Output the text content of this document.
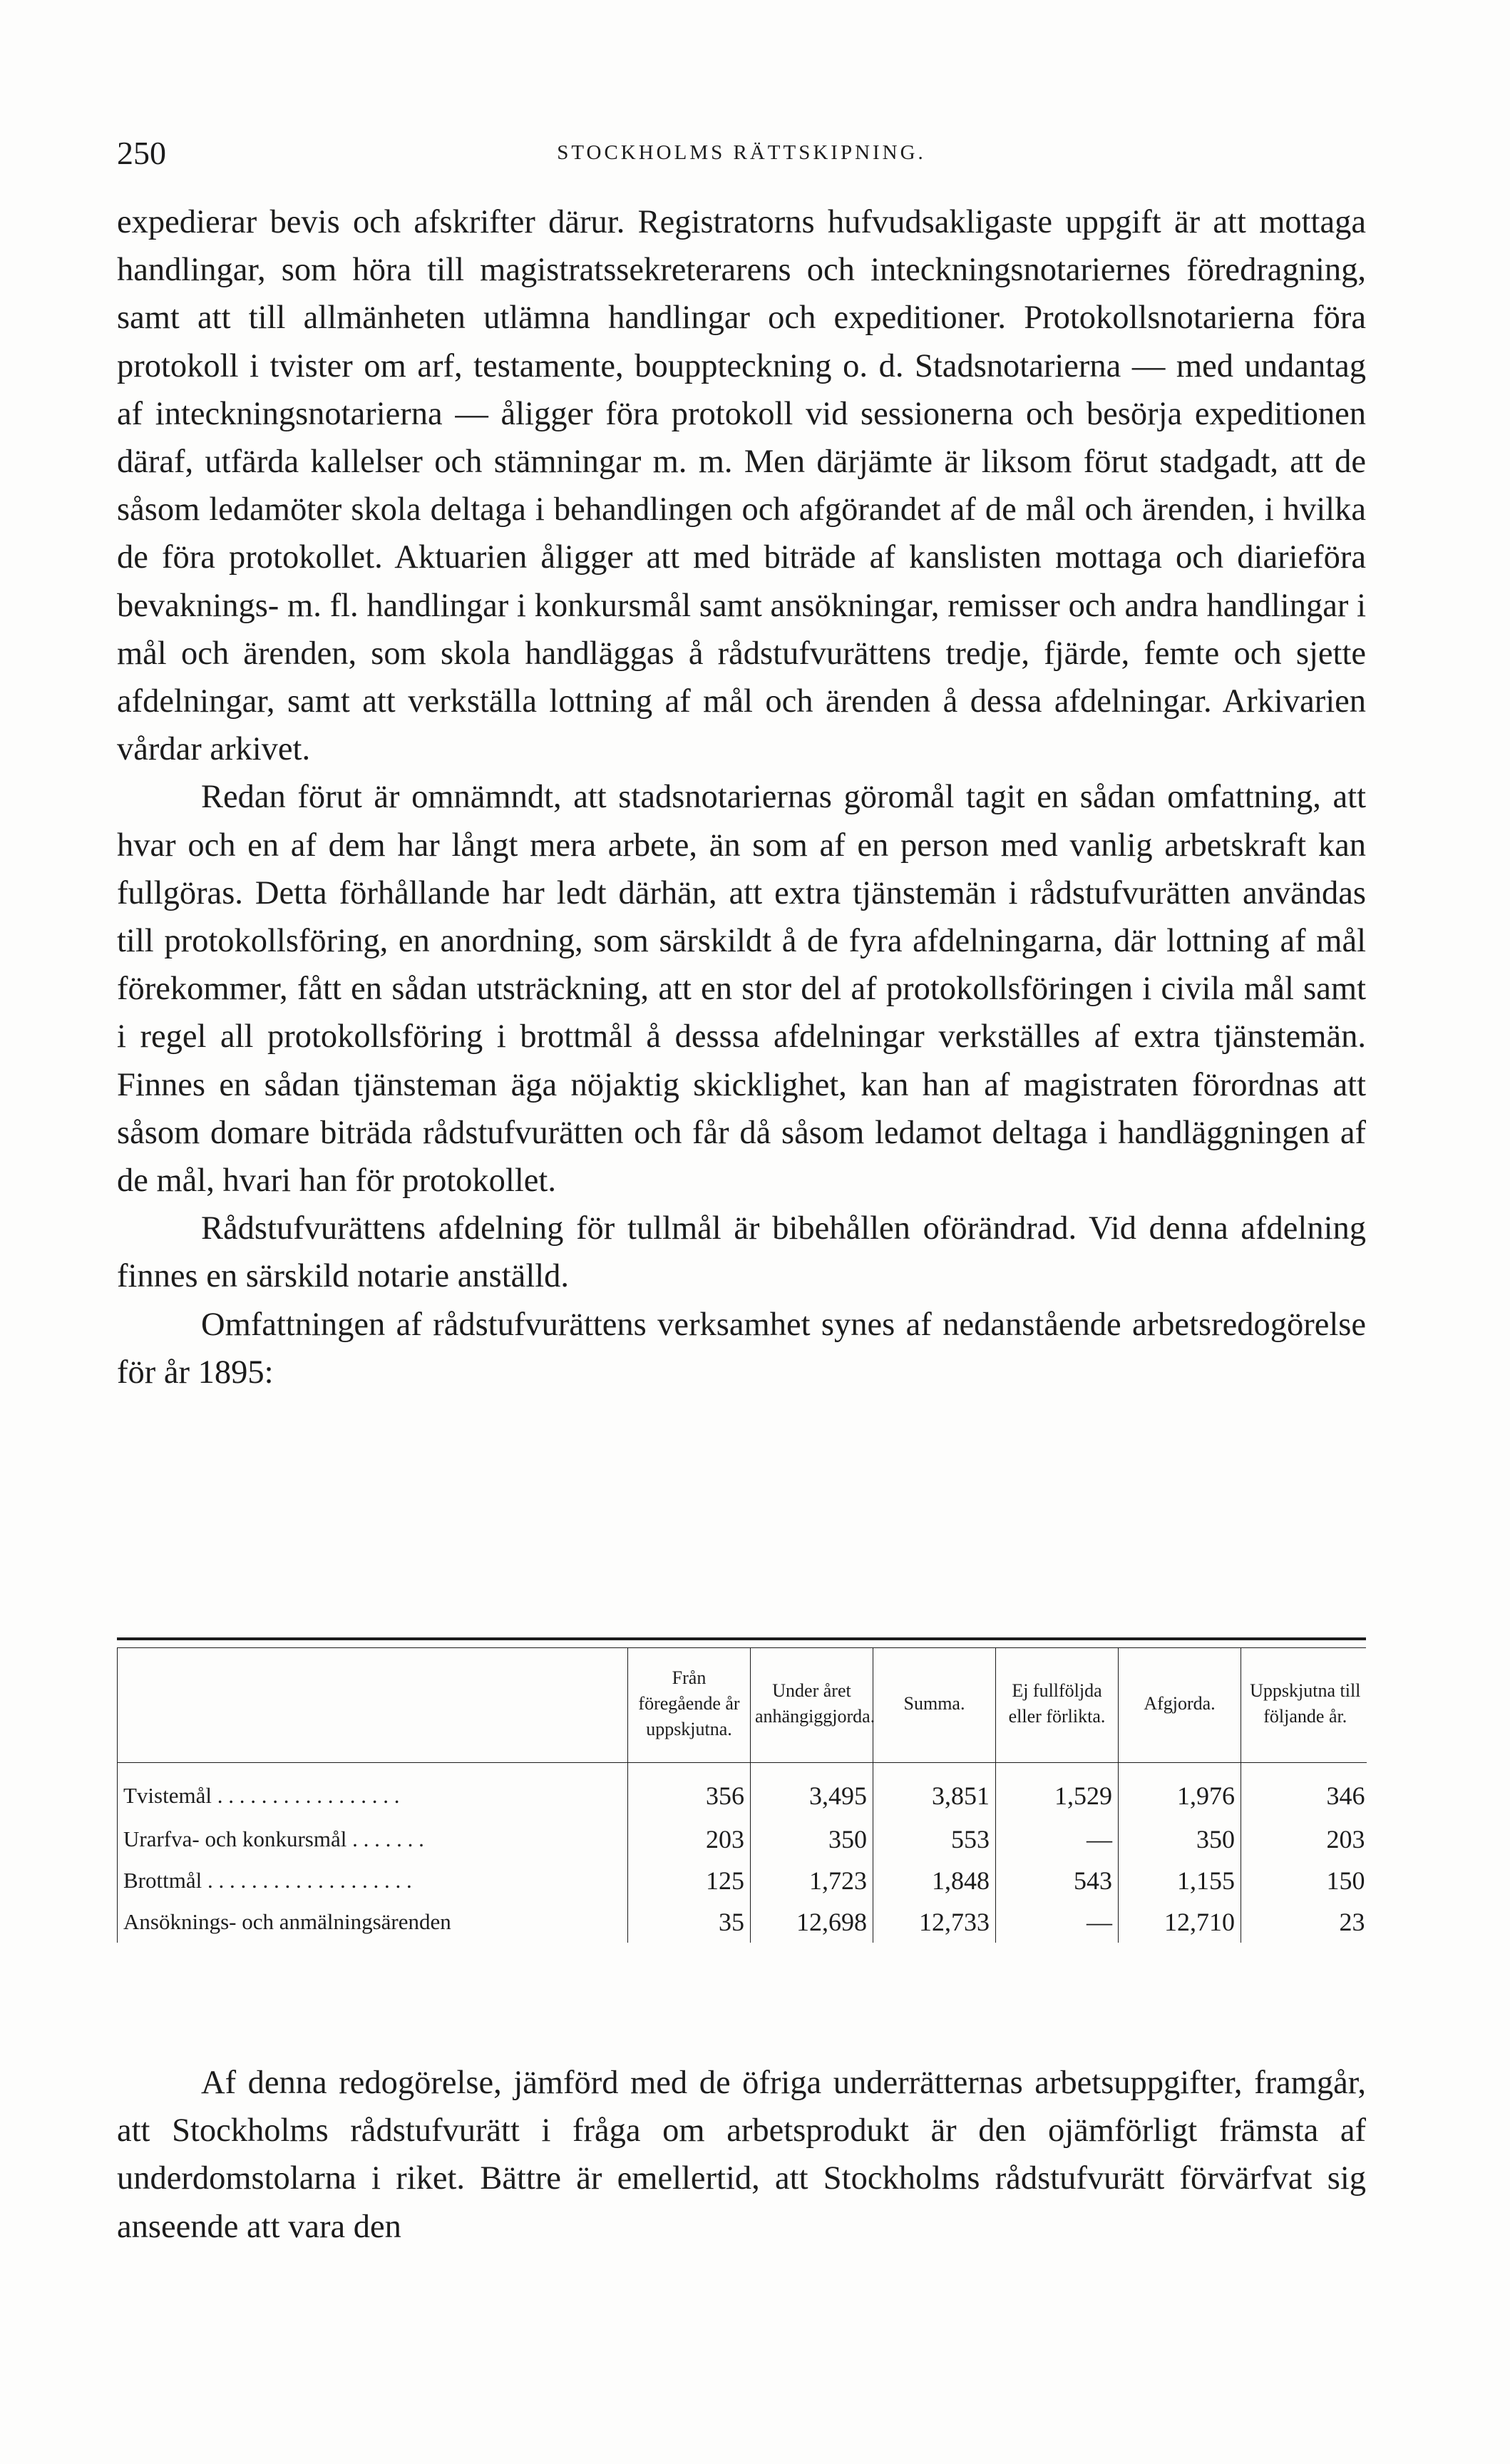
250	STOCKHOLMS RÄTTSKIPNING.

expedierar bevis och afskrifter därur. Registratorns hufvudsakligaste uppgift är att mottaga handlingar, som höra till magistratssekreterarens och inteckningsnotariernes föredragning, samt att till allmänheten utlämna handlingar och expeditioner. Protokollsnotarierna föra protokoll i tvister om arf, testamente, bouppteckning o. d. Stadsnotarierna — med undantag af inteckningsnotarierna — åligger föra protokoll vid sessionerna och besörja expeditionen däraf, utfärda kallelser och stämningar m. m. Men därjämte är liksom förut stadgadt, att de såsom ledamöter skola deltaga i behandlingen och afgörandet af de mål och ärenden, i hvilka de föra protokollet. Aktuarien åligger att med biträde af kanslisten mottaga och diarieföra bevaknings- m. fl. handlingar i konkursmål samt ansökningar, remisser och andra handlingar i mål och ärenden, som skola handläggas å rådstufvurättens tredje, fjärde, femte och sjette afdelningar, samt att verkställa lottning af mål och ärenden å dessa afdelningar. Arkivarien vårdar arkivet.

Redan förut är omnämndt, att stadsnotariernas göromål tagit en sådan omfattning, att hvar och en af dem har långt mera arbete, än som af en person med vanlig arbetskraft kan fullgöras. Detta förhållande har ledt därhän, att extra tjänstemän i rådstufvurätten användas till protokollsföring, en anordning, som särskildt å de fyra afdelningarna, där lottning af mål förekommer, fått en sådan utsträckning, att en stor del af protokollsföringen i civila mål samt i regel all protokollsföring i brottmål å desssa afdelningar verkställes af extra tjänstemän. Finnes en sådan tjänsteman äga nöjaktig skicklighet, kan han af magistraten förordnas att såsom domare biträda rådstufvurätten och får då såsom ledamot deltaga i handläggningen af de mål, hvari han för protokollet.

Rådstufvurättens afdelning för tullmål är bibehållen oförändrad. Vid denna afdelning finnes en särskild notarie anställd.

Omfattningen af rådstufvurättens verksamhet synes af nedanstående arbetsredogörelse för år 1895:

	Från föregående år uppskjutna.	Under året anhängiggjorda.	Summa.	Ej fullföljda eller förlikta.	Afgjorda.	Uppskjutna till följande år.
Tvistemål . . . . . . . . . . . . . . . . .	356	3,495	3,851	1,529	1,976	346
Urarfva- och konkursmål . . . . . . .	203	350	553	—	350	203
Brottmål . . . . . . . . . . . . . . . . . . .	125	1,723	1,848	543	1,155	150
Ansöknings- och anmälningsärenden	35	12,698	12,733	—	12,710	23

Af denna redogörelse, jämförd med de öfriga underrätternas arbetsuppgifter, framgår, att Stockholms rådstufvurätt i fråga om arbetsprodukt är den ojämförligt främsta af underdomstolarna i riket. Bättre är emellertid, att Stockholms rådstufvurätt förvärfvat sig anseende att vara den
